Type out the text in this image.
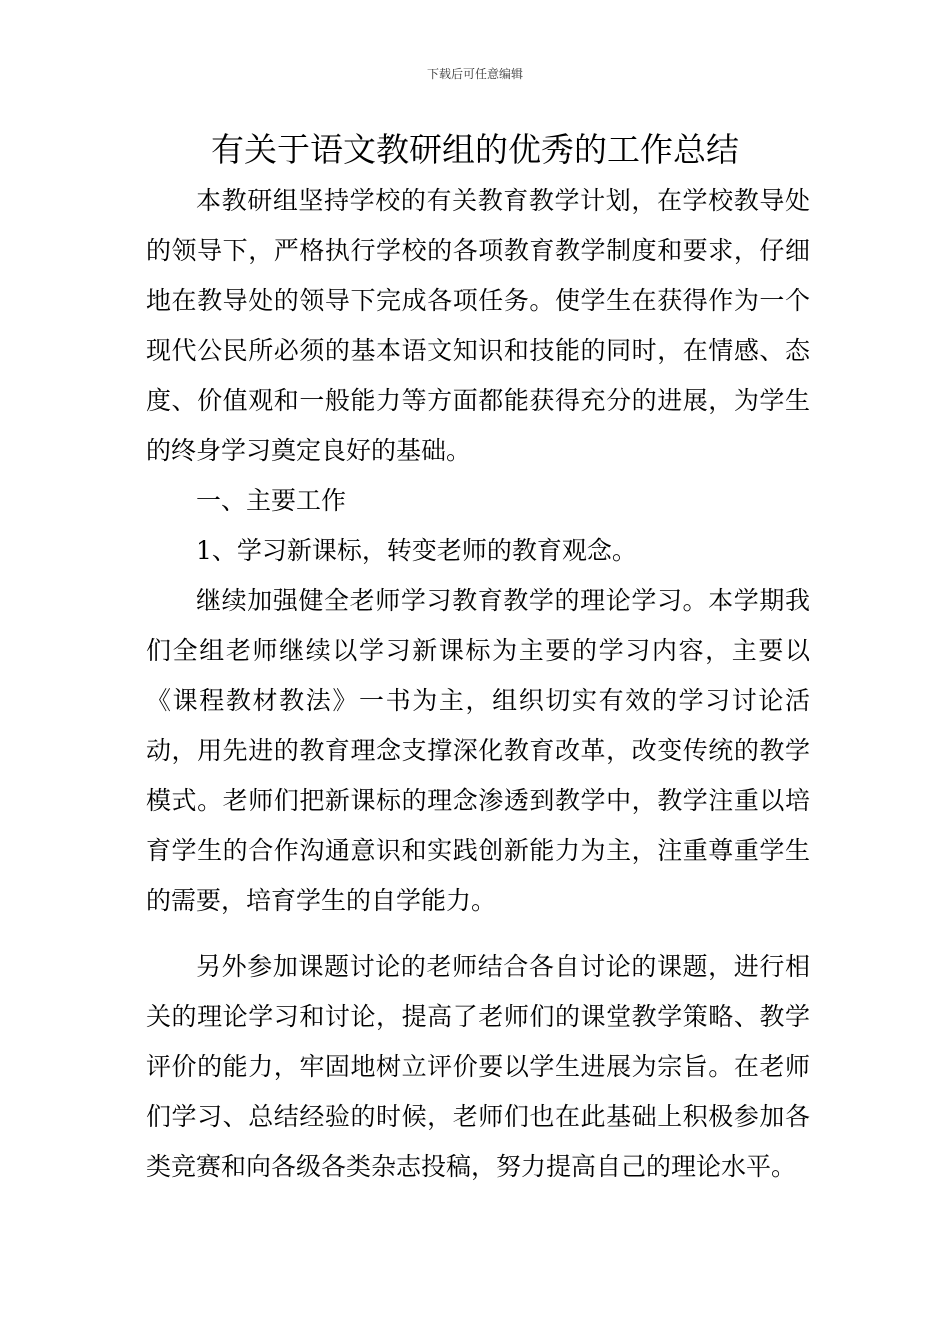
下载后可任意编辑
有关于语文教研组的优秀的工作总结

本教研组坚持学校的有关教育教学计划，在学校教导处的领导下，严格执行学校的各项教育教学制度和要求，仔细地在教导处的领导下完成各项任务。使学生在获得作为一个现代公民所必须的基本语文知识和技能的同时，在情感、态度、价值观和一般能力等方面都能获得充分的进展，为学生的终身学习奠定良好的基础。

一、主要工作

1、学习新课标，转变老师的教育观念。

继续加强健全老师学习教育教学的理论学习。本学期我们全组老师继续以学习新课标为主要的学习内容，主要以《课程教材教法》一书为主，组织切实有效的学习讨论活动，用先进的教育理念支撑深化教育改革，改变传统的教学模式。老师们把新课标的理念渗透到教学中，教学注重以培育学生的合作沟通意识和实践创新能力为主，注重尊重学生的需要，培育学生的自学能力。

另外参加课题讨论的老师结合各自讨论的课题，进行相关的理论学习和讨论，提高了老师们的课堂教学策略、教学评价的能力，牢固地树立评价要以学生进展为宗旨。在老师们学习、总结经验的时候，老师们也在此基础上积极参加各类竞赛和向各级各类杂志投稿，努力提高自己的理论水平。
